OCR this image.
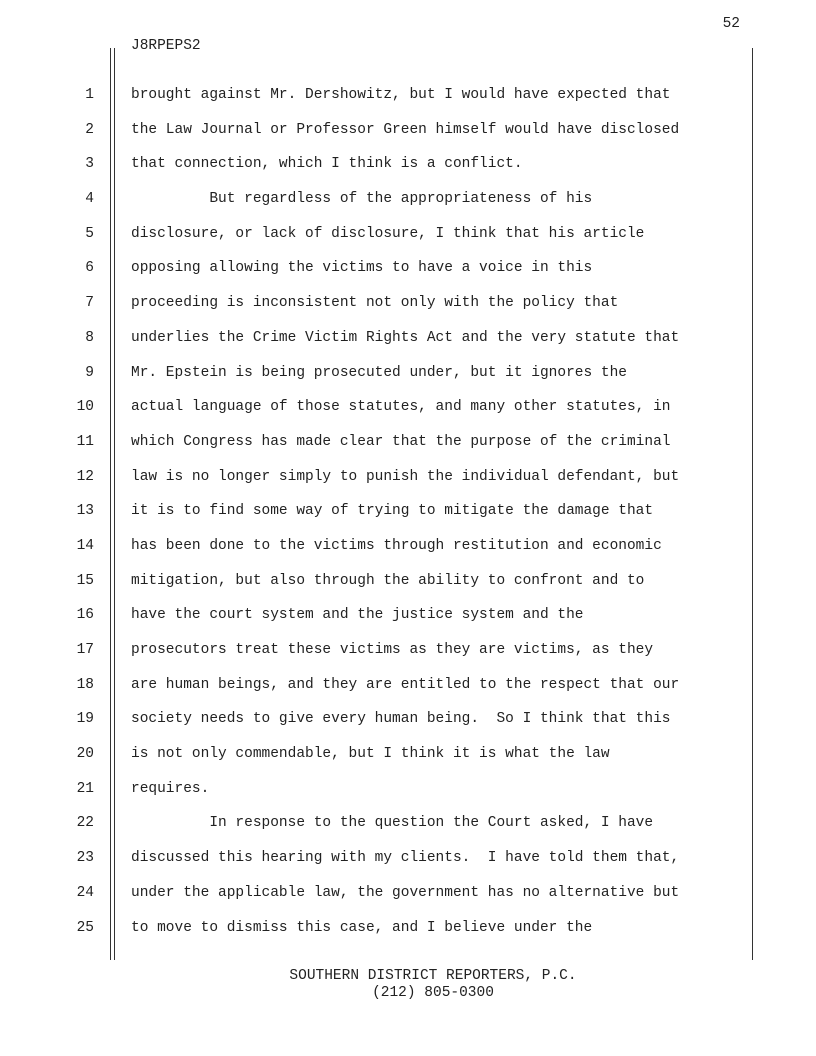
52
J8RPEPS2
1
2
3
4
5
6
7
8
9
10
11
12
13
14
15
16
17
18
19
20
21
22
23
24
25
brought against Mr. Dershowitz, but I would have expected that
the Law Journal or Professor Green himself would have disclosed
that connection, which I think is a conflict.
But regardless of the appropriateness of his
disclosure, or lack of disclosure, I think that his article
opposing allowing the victims to have a voice in this
proceeding is inconsistent not only with the policy that
underlies the Crime Victim Rights Act and the very statute that
Mr. Epstein is being prosecuted under, but it ignores the
actual language of those statutes, and many other statutes, in
which Congress has made clear that the purpose of the criminal
law is no longer simply to punish the individual defendant, but
it is to find some way of trying to mitigate the damage that
has been done to the victims through restitution and economic
mitigation, but also through the ability to confront and to
have the court system and the justice system and the
prosecutors treat these victims as they are victims, as they
are human beings, and they are entitled to the respect that our
society needs to give every human being.  So I think that this
is not only commendable, but I think it is what the law
requires.
In response to the question the Court asked, I have
discussed this hearing with my clients.  I have told them that,
under the applicable law, the government has no alternative but
to move to dismiss this case, and I believe under the
SOUTHERN DISTRICT REPORTERS, P.C.
(212) 805-0300
